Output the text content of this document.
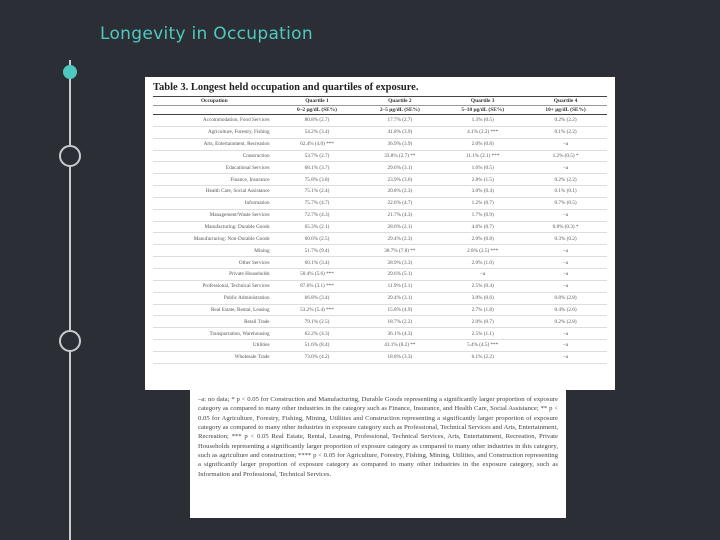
Longevity in Occupation
Table 3. Longest held occupation and quartiles of exposure.
Occupation	Quartile 1	Quartile 2	Quartile 3	Quartile 4
	0–2 µg/dL (SE%)	2–5 µg/dL (SE%)	5–10 µg/dL (SE%)	10+ µg/dL (SE%)
Accommodation, Food Services	80.8% (2.7)	17.7% (2.7)	1.3% (0.5)	0.2% (2.2)
Agriculture, Forestry, Fishing	54.2% (3.4)	41.8% (3.9)	4.1% (2.2) ***	0.1% (2.2)
Arts, Entertainment, Recreation	62.4% (4.0) ***	36.9% (3.9)	2.0% (0.8)	–a
Construction	53.7% (2.7)	33.8% (2.7) **	11.1% (2.1) ***	1.2% (0.5) *
Educational Services	68.1% (3.7)	29.6% (3.1)	1.6% (0.5)	–a
Finance, Insurance	75.8% (3.8)	23.9% (3.6)	2.8% (1.5)	0.2% (2.2)
Health Care, Social Assistance	75.1% (2.4)	20.8% (2.3)	3.0% (0.4)	0.1% (0.1)
Information	75.7% (4.7)	22.6% (4.7)	1.2% (0.7)	0.7% (0.5)
Management/Waste Services	72.7% (4.3)	21.7% (4.3)	1.7% (0.9)	–a
Manufacturing: Durable Goods	65.3% (2.1)	28.6% (2.1)	4.6% (0.7)	0.8% (0.3) *
Manufacturing: Non-Durable Goods	60.6% (2.5)	29.4% (2.3)	2.0% (0.8)	0.3% (0.2)
Mining	51.7% (9.4)	38.7% (7.8) **	2.8% (2.5) ***	–a
Other Services	60.1% (3.4)	28.9% (3.3)	2.0% (1.0)	–a
Private Households	50.4% (5.6) ***	29.6% (5.1)	–a	–a
Professional, Technical Services	87.6% (3.1) ***	11.9% (3.1)	2.5% (0.4)	–a
Public Administration	66.8% (3.4)	29.4% (3.1)	3.0% (0.6)	0.8% (2.8)
Real Estate, Rental, Leasing	53.2% (5.4) ***	15.8% (4.9)	2.7% (1.8)	0.4% (2.6)
Retail Trade	79.1% (2.5)	18.7% (2.2)	2.0% (0.7)	0.2% (2.8)
Transportation, Warehousing	62.2% (4.3)	36.1% (4.3)	2.5% (1.1)	–a
Utilities	51.6% (8.4)	43.1% (8.2) **	5.4% (4.5) ***	–a
Wholesale Trade	73.0% (4.2)	18.8% (3.3)	6.1% (2.2)	–a
–a: no data; * p < 0.05 for Construction and Manufacturing, Durable Goods representing a significantly larger proportion of exposure category as compared to many other industries in the category such as Finance, Insurance, and Health Care, Social Assistance; ** p < 0.05 for Agriculture, Forestry, Fishing, Mining, Utilities and Construction representing a significantly larger proportion of exposure category as compared to many other industries in exposure category such as Professional, Technical Services and Arts, Entertainment, Recreation; *** p < 0.05 Real Estate, Rental, Leasing, Professional, Technical Services, Arts, Entertainment, Recreation, Private Households representing a significantly larger proportion of exposure category as compared to many other industries in this category, such as agriculture and construction; **** p < 0.05 for Agriculture, Forestry, Fishing, Mining, Utilities, and Construction representing a significantly larger proportion of exposure category as compared to many other industries in the exposure category, such as Information and Professional, Technical Services.
